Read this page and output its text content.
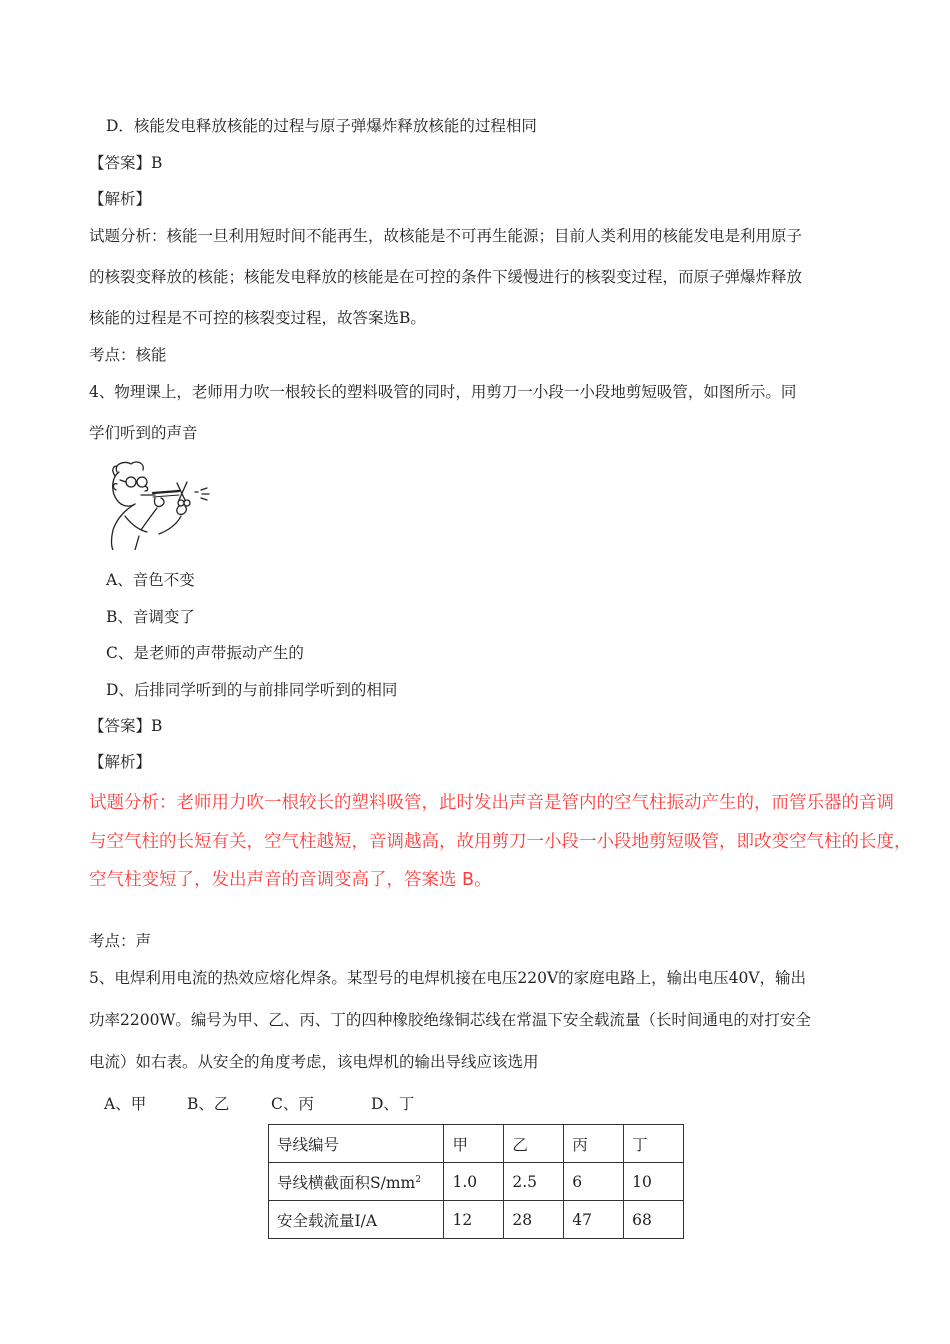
D．核能发电释放核能的过程与原子弹爆炸释放核能的过程相同
【答案】B
【解析】
试题分析：核能一旦利用短时间不能再生，故核能是不可再生能源；目前人类利用的核能发电是利用原子
的核裂变释放的核能；核能发电释放的核能是在可控的条件下缓慢进行的核裂变过程，而原子弹爆炸释放
核能的过程是不可控的核裂变过程，故答案选B。
考点：核能
4、物理课上，老师用力吹一根较长的塑料吸管的同时，用剪刀一小段一小段地剪短吸管，如图所示。同
学们听到的声音
A、音色不变
B、音调变了
C、是老师的声带振动产生的
D、后排同学听到的与前排同学听到的相同
【答案】B
【解析】
试题分析：老师用力吹一根较长的塑料吸管，此时发出声音是管内的空气柱振动产生的，而管乐器的音调
与空气柱的长短有关，空气柱越短，音调越高，故用剪刀一小段一小段地剪短吸管，即改变空气柱的长度，
空气柱变短了，发出声音的音调变高了，答案选 B。
考点：声
5、电焊利用电流的热效应熔化焊条。某型号的电焊机接在电压220V的家庭电路上，输出电压40V，输出
功率2200W。编号为甲、乙、丙、丁的四种橡胶绝缘铜芯线在常温下安全载流量（长时间通电的对打安全
电流）如右表。从安全的角度考虑，该电焊机的输出导线应该选用
A、甲	B、乙	C、丙	D、丁
导线编号	甲	乙	丙	丁
导线横截面积$S/mm^2$	1.0	2.5	6	10
安全载流量I/A	12	28	47	68
